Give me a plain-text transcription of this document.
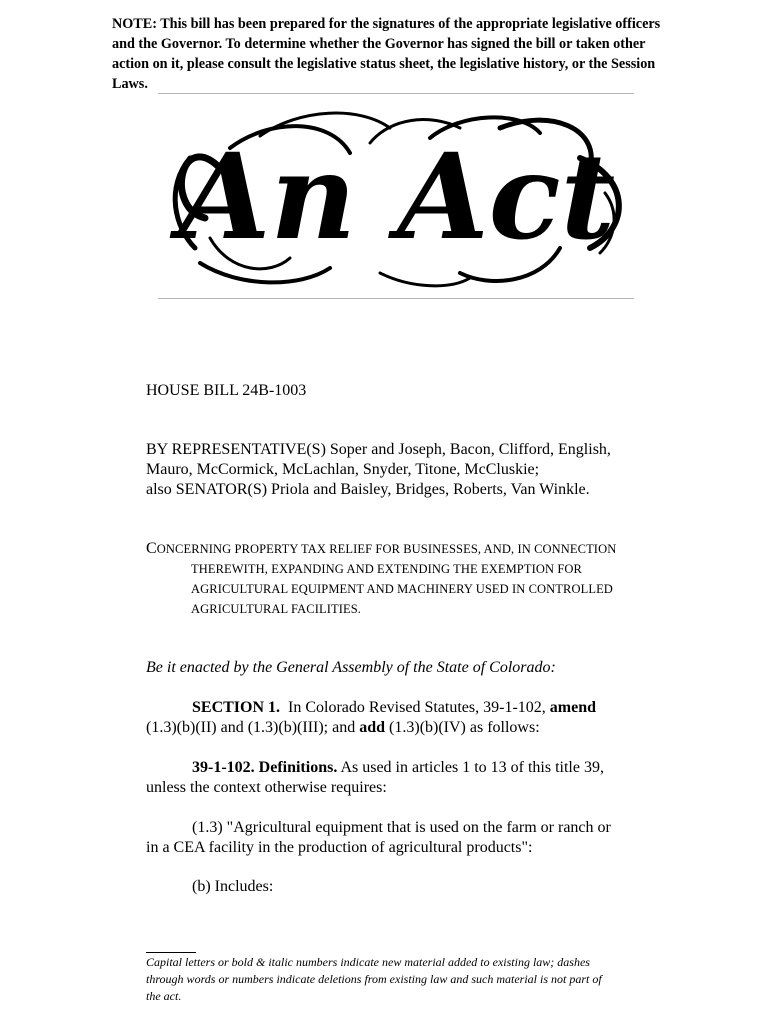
NOTE: This bill has been prepared for the signatures of the appropriate legislative officers and the Governor. To determine whether the Governor has signed the bill or taken other action on it, please consult the legislative status sheet, the legislative history, or the Session Laws.
An Act
HOUSE BILL 24B-1003
BY REPRESENTATIVE(S) Soper and Joseph, Bacon, Clifford, English,
Mauro, McCormick, McLachlan, Snyder, Titone, McCluskie;
also SENATOR(S) Priola and Baisley, Bridges, Roberts, Van Winkle.
CONCERNING PROPERTY TAX RELIEF FOR BUSINESSES, AND, IN CONNECTION
THEREWITH, EXPANDING AND EXTENDING THE EXEMPTION FOR
AGRICULTURAL EQUIPMENT AND MACHINERY USED IN CONTROLLED
AGRICULTURAL FACILITIES.
Be it enacted by the General Assembly of the State of Colorado:
SECTION 1.  In Colorado Revised Statutes, 39-1-102, amend
(1.3)(b)(II) and (1.3)(b)(III); and add (1.3)(b)(IV) as follows:
39-1-102. Definitions. As used in articles 1 to 13 of this title 39,
unless the context otherwise requires:
(1.3) "Agricultural equipment that is used on the farm or ranch or
in a CEA facility in the production of agricultural products":
(b) Includes:
Capital letters or bold & italic numbers indicate new material added to existing law; dashes
through words or numbers indicate deletions from existing law and such material is not part of
the act.
